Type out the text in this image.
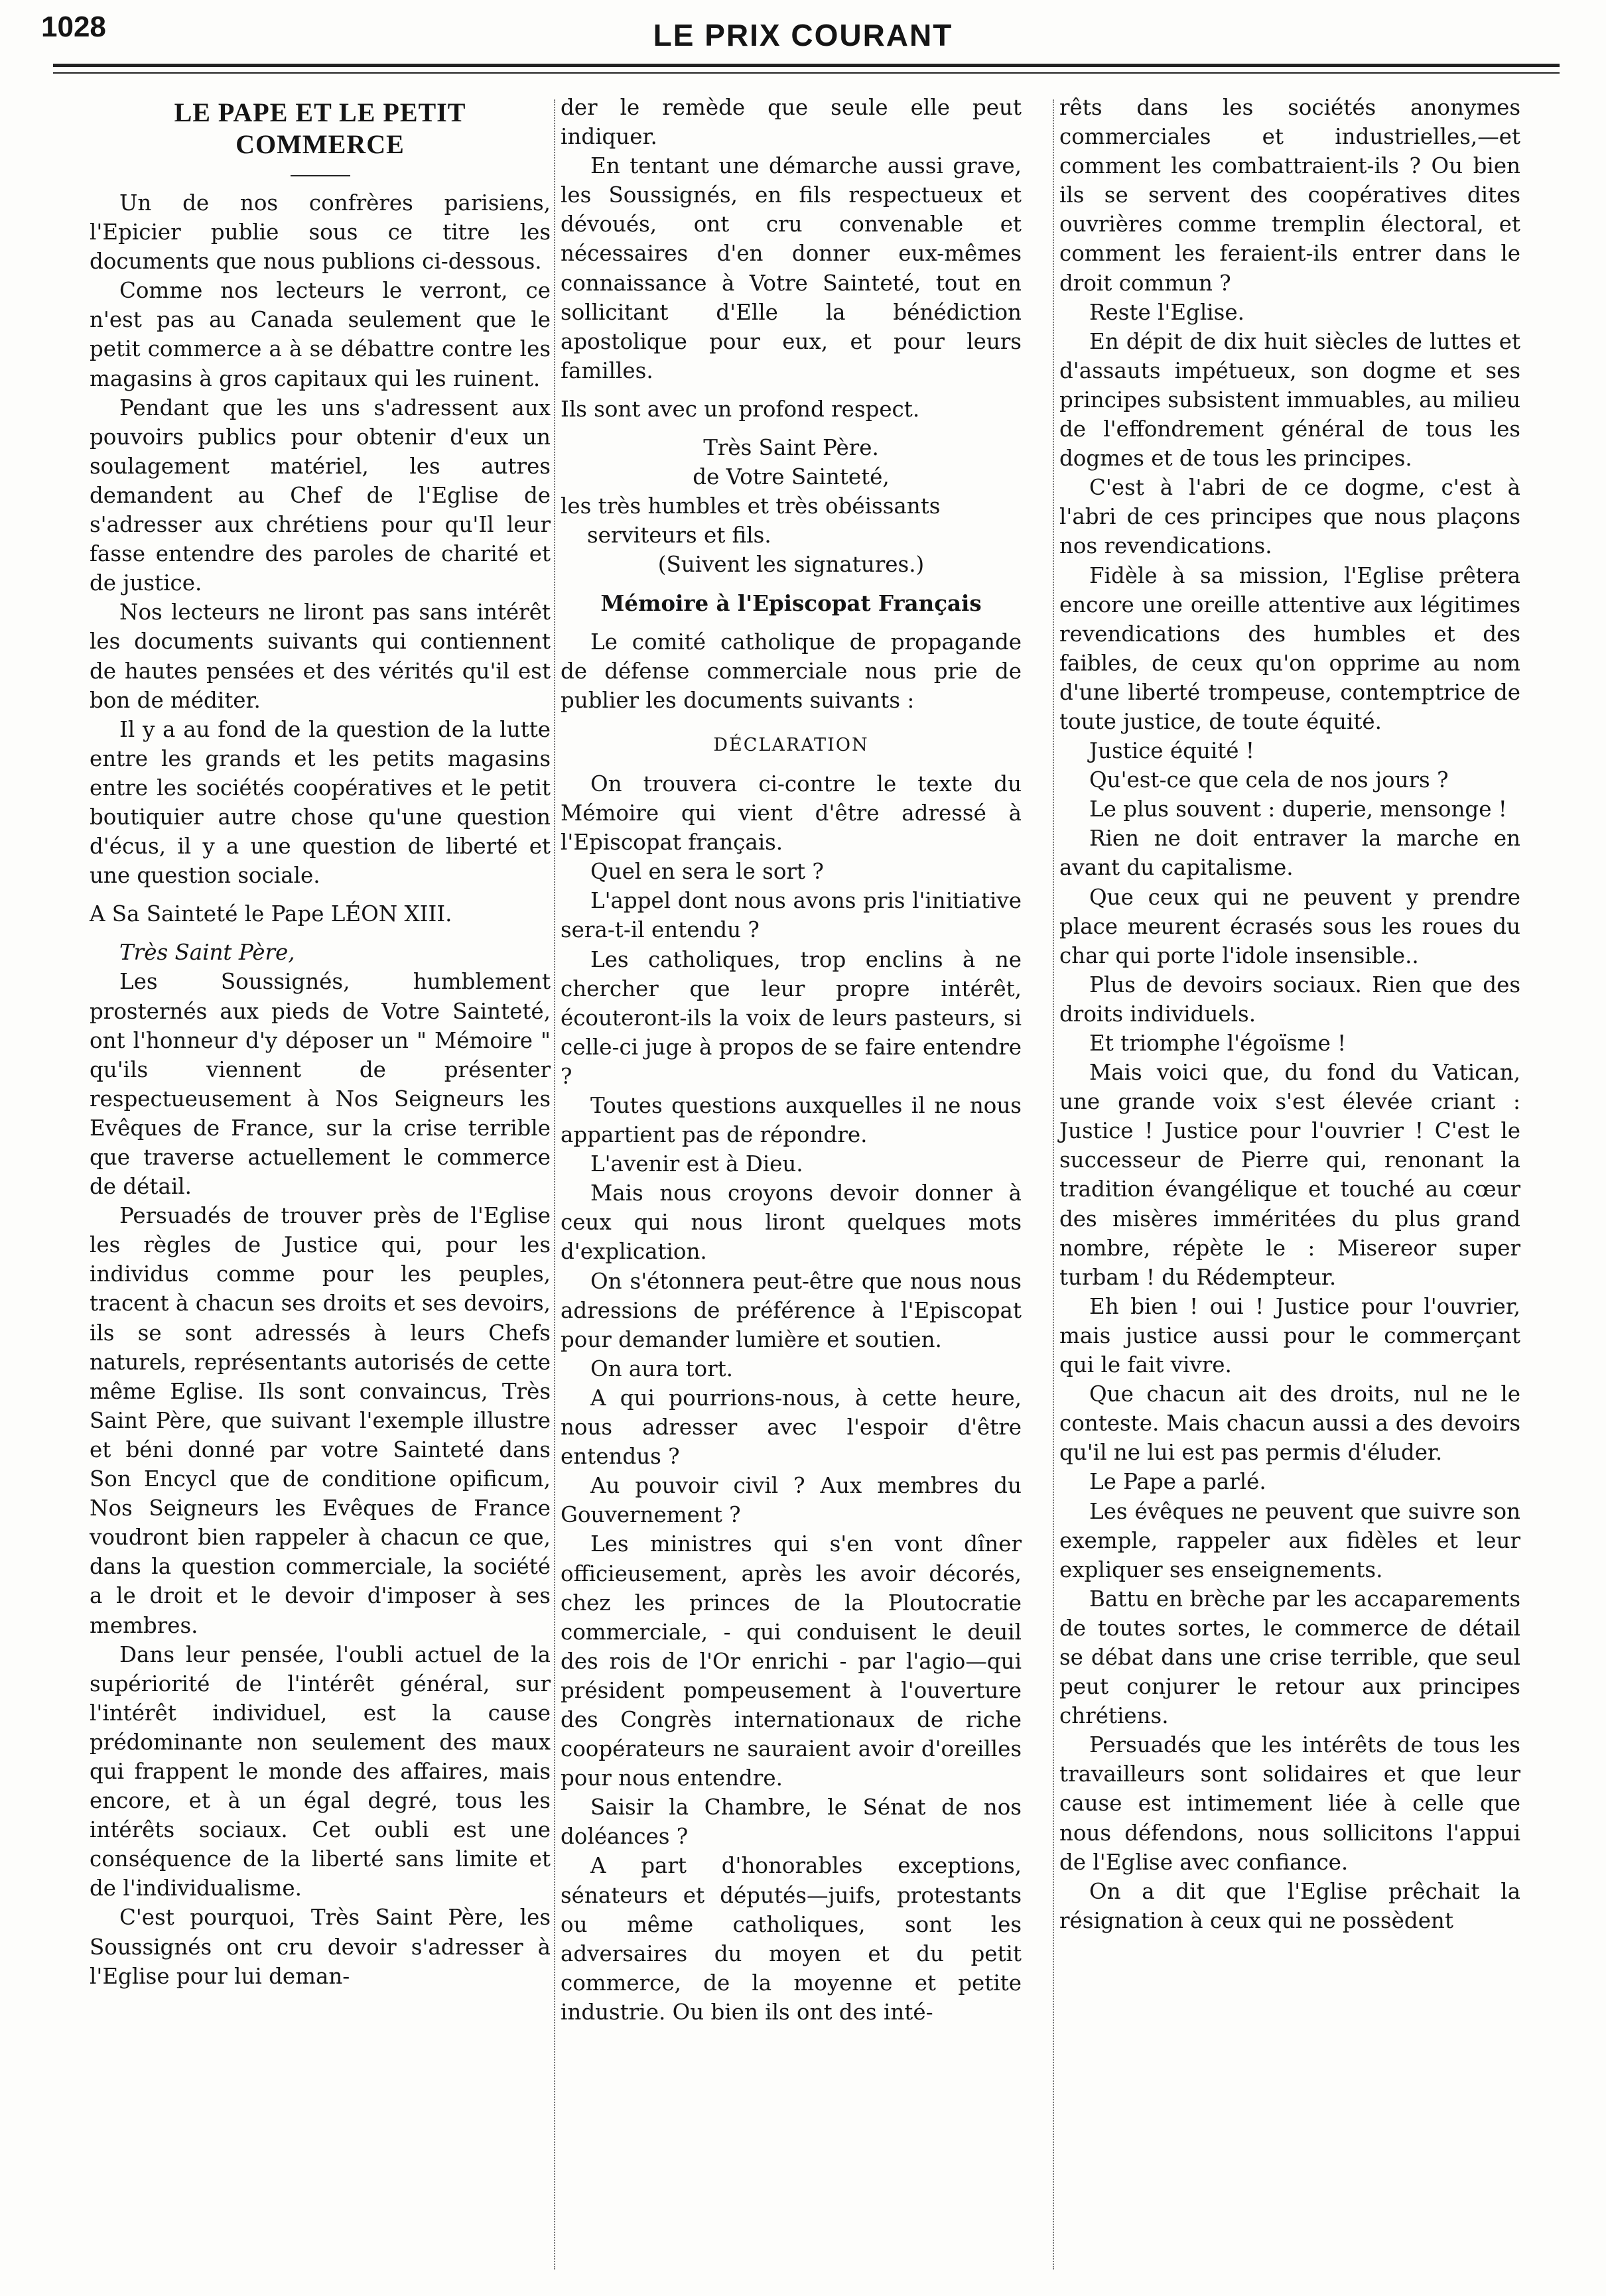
LE PRIX COURANT
1028

LE PAPE ET LE PETIT COMMERCE

Un de nos confrères parisiens, l'Epicier publie sous ce titre les documents que nous publions ci-dessous.

Comme nos lecteurs le verront, ce n'est pas au Canada seulement que le petit commerce a à se débattre contre les magasins à gros capitaux qui les ruinent.

Pendant que les uns s'adressent aux pouvoirs publics pour obtenir d'eux un soulagement matériel, les autres demandent au Chef de l'Eglise de s'adresser aux chrétiens pour qu'Il leur fasse entendre des paroles de charité et de justice.

Nos lecteurs ne liront pas sans intérêt les documents suivants qui contiennent de hautes pensées et des vérités qu'il est bon de méditer.

Il y a au fond de la question de la lutte entre les grands et les petits magasins entre les sociétés coopératives et le petit boutiquier autre chose qu'une question d'écus, il y a une question de liberté et une question sociale.

A Sa Sainteté le Pape LÉON XIII.

Très Saint Père,

Les Soussignés, humblement prosternés aux pieds de Votre Sainteté, ont l'honneur d'y déposer un " Mémoire " qu'ils viennent de présenter respectueusement à Nos Seigneurs les Evêques de France, sur la crise terrible que traverse actuellement le commerce de détail.

Persuadés de trouver près de l'Eglise les règles de Justice qui, pour les individus comme pour les peuples, tracent à chacun ses droits et ses devoirs, ils se sont adressés à leurs Chefs naturels, représentants autorisés de cette même Eglise. Ils sont convaincus, Très Saint Père, que suivant l'exemple illustre et béni donné par votre Sainteté dans Son Encycl que de conditione opificum, Nos Seigneurs les Evêques de France voudront bien rappeler à chacun ce que, dans la question commerciale, la société a le droit et le devoir d'imposer à ses membres.

Dans leur pensée, l'oubli actuel de la supériorité de l'intérêt général, sur l'intérêt individuel, est la cause prédominante non seulement des maux qui frappent le monde des affaires, mais encore, et à un égal degré, tous les intérêts sociaux. Cet oubli est une conséquence de la liberté sans limite et de l'individualisme.

C'est pourquoi, Très Saint Père, les Soussignés ont cru devoir s'adresser à l'Eglise pour lui deman-

der le remède que seule elle peut indiquer.

En tentant une démarche aussi grave, les Soussignés, en fils respectueux et dévoués, ont cru convenable et nécessaires d'en donner eux-mêmes connaissance à Votre Sainteté, tout en sollicitant d'Elle la bénédiction apostolique pour eux, et pour leurs familles.

Ils sont avec un profond respect.

Très Saint Père.

de Votre Sainteté,

les très humbles et très obéissants

serviteurs et fils.

(Suivent les signatures.)

Mémoire à l'Episcopat Français

Le comité catholique de propagande de défense commerciale nous prie de publier les documents suivants :

DÉCLARATION

On trouvera ci-contre le texte du Mémoire qui vient d'être adressé à l'Episcopat français.

Quel en sera le sort ?

L'appel dont nous avons pris l'initiative sera-t-il entendu ?

Les catholiques, trop enclins à ne chercher que leur propre intérêt, écouteront-ils la voix de leurs pasteurs, si celle-ci juge à propos de se faire entendre ?

Toutes questions auxquelles il ne nous appartient pas de répondre.

L'avenir est à Dieu.

Mais nous croyons devoir donner à ceux qui nous liront quelques mots d'explication.

On s'étonnera peut-être que nous nous adressions de préférence à l'Episcopat pour demander lumière et soutien.

On aura tort.

A qui pourrions-nous, à cette heure, nous adresser avec l'espoir d'être entendus ?

Au pouvoir civil ? Aux membres du Gouvernement ?

Les ministres qui s'en vont dîner officieusement, après les avoir décorés, chez les princes de la Ploutocratie commerciale, - qui conduisent le deuil des rois de l'Or enrichi - par l'agio—qui président pompeusement à l'ouverture des Congrès internationaux de riche coopérateurs ne sauraient avoir d'oreilles pour nous entendre.

Saisir la Chambre, le Sénat de nos doléances ?

A part d'honorables exceptions, sénateurs et députés—juifs, protestants ou même catholiques, sont les adversaires du moyen et du petit commerce, de la moyenne et petite industrie. Ou bien ils ont des inté-

rêts dans les sociétés anonymes commerciales et industrielles,—et comment les combattraient-ils ? Ou bien ils se servent des coopératives dites ouvrières comme tremplin électoral, et comment les feraient-ils entrer dans le droit commun ?

Reste l'Eglise.

En dépit de dix huit siècles de luttes et d'assauts impétueux, son dogme et ses principes subsistent immuables, au milieu de l'effondrement général de tous les dogmes et de tous les principes.

C'est à l'abri de ce dogme, c'est à l'abri de ces principes que nous plaçons nos revendications.

Fidèle à sa mission, l'Eglise prêtera encore une oreille attentive aux légitimes revendications des humbles et des faibles, de ceux qu'on opprime au nom d'une liberté trompeuse, contemptrice de toute justice, de toute équité.

Justice équité !

Qu'est-ce que cela de nos jours ?

Le plus souvent : duperie, mensonge !

Rien ne doit entraver la marche en avant du capitalisme.

Que ceux qui ne peuvent y prendre place meurent écrasés sous les roues du char qui porte l'idole insensible..

Plus de devoirs sociaux. Rien que des droits individuels.

Et triomphe l'égoïsme !

Mais voici que, du fond du Vatican, une grande voix s'est élevée criant : Justice ! Justice pour l'ouvrier ! C'est le successeur de Pierre qui, renonant la tradition évangélique et touché au cœur des misères imméritées du plus grand nombre, répète le : Misereor super turbam ! du Rédempteur.

Eh bien ! oui ! Justice pour l'ouvrier, mais justice aussi pour le commerçant qui le fait vivre.

Que chacun ait des droits, nul ne le conteste. Mais chacun aussi a des devoirs qu'il ne lui est pas permis d'éluder.

Le Pape a parlé.

Les évêques ne peuvent que suivre son exemple, rappeler aux fidèles et leur expliquer ses enseignements.

Battu en brèche par les accaparements de toutes sortes, le commerce de détail se débat dans une crise terrible, que seul peut conjurer le retour aux principes chrétiens.

Persuadés que les intérêts de tous les travailleurs sont solidaires et que leur cause est intimement liée à celle que nous défendons, nous sollicitons l'appui de l'Eglise avec confiance.

On a dit que l'Eglise prêchait la résignation à ceux qui ne possèdent
